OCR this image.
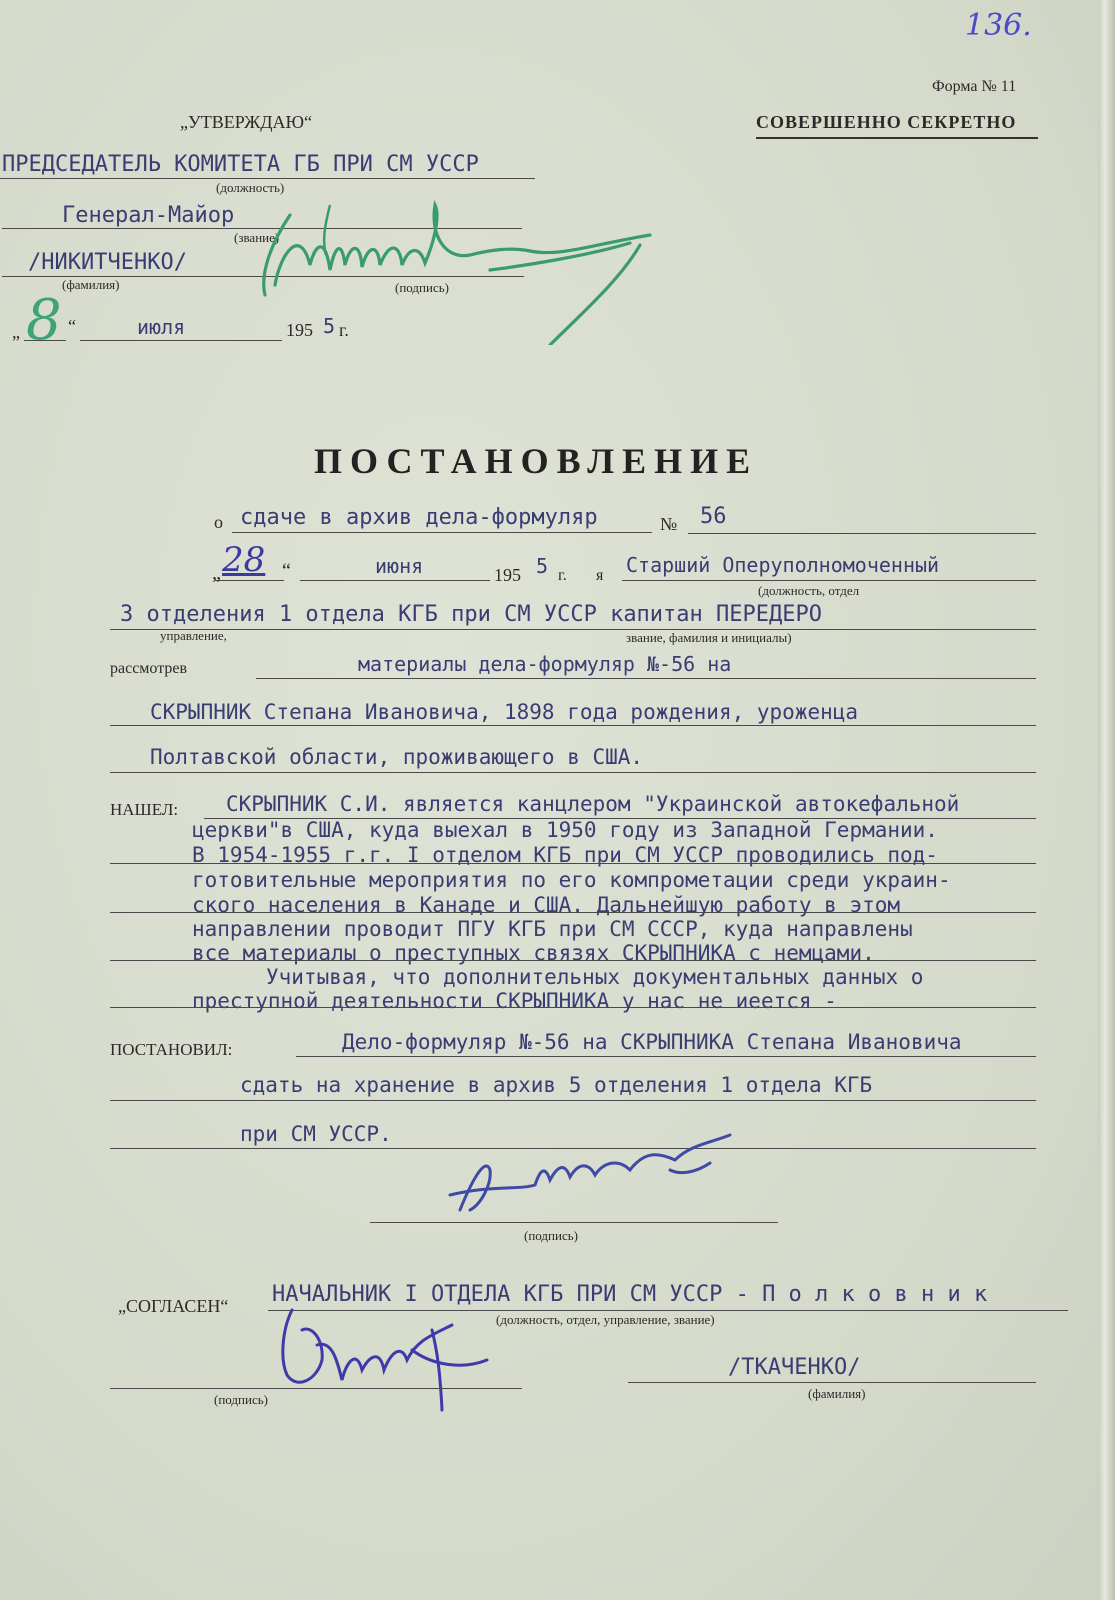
136.
Форма № 11
СОВЕРШЕННО СЕКРЕТНО
„УТВЕРЖДАЮ“
ПРЕДСЕДАТЕЛЬ КОМИТЕТА ГБ ПРИ СМ УССР
(должность)
Генерал-Майор
(звание)
/НИКИТЧЕНКО/
(фамилия)	(подпись)
„ 8 “	июля	195 5 г.
ПОСТАНОВЛЕНИЕ
о сдаче в архив дела-формуляр	№ 56
„ 28 “	июня	195 5 г. я Старший Оперуполномоченный
(должность, отдел
3 отделения 1 отдела КГБ при СМ УССР капитан ПЕРЕДЕРО
управление,	звание, фамилия и инициалы)
рассмотрев	материалы дела-формуляр №-56 на
СКРЫПНИК Степана Ивановича, 1898 года рождения, уроженца
Полтавской области, проживающего в США.
НАШЕЛ: СКРЫПНИК С.И. является канцлером "Украинской автокефальной
церкви"в США, куда выехал в 1950 году из Западной Германии.
В 1954-1955 г.г. I отделом КГБ при СМ УССР проводились под-
готовительные мероприятия по его компрометации среди украин-
ского населения в Канаде и США. Дальнейшую работу в этом
направлении проводит ПГУ КГБ при СМ СССР, куда направлены
все материалы о преступных связях СКРЫПНИКА с немцами.
Учитывая, что дополнительных документальных данных о
преступной деятельности СКРЫПНИКА у нас не иеется -
ПОСТАНОВИЛ:	Дело-формуляр №-56 на СКРЫПНИКА Степана Ивановича
сдать на хранение в архив 5 отделения 1 отдела КГБ
при СМ УССР.
(подпись)
„СОГЛАСЕН“ НАЧАЛЬНИК I ОТДЕЛА КГБ ПРИ СМ УССР - П о л к о в н и к
(должность, отдел, управление, звание)
(подпись)
/ТКАЧЕНКО/
(фамилия)
